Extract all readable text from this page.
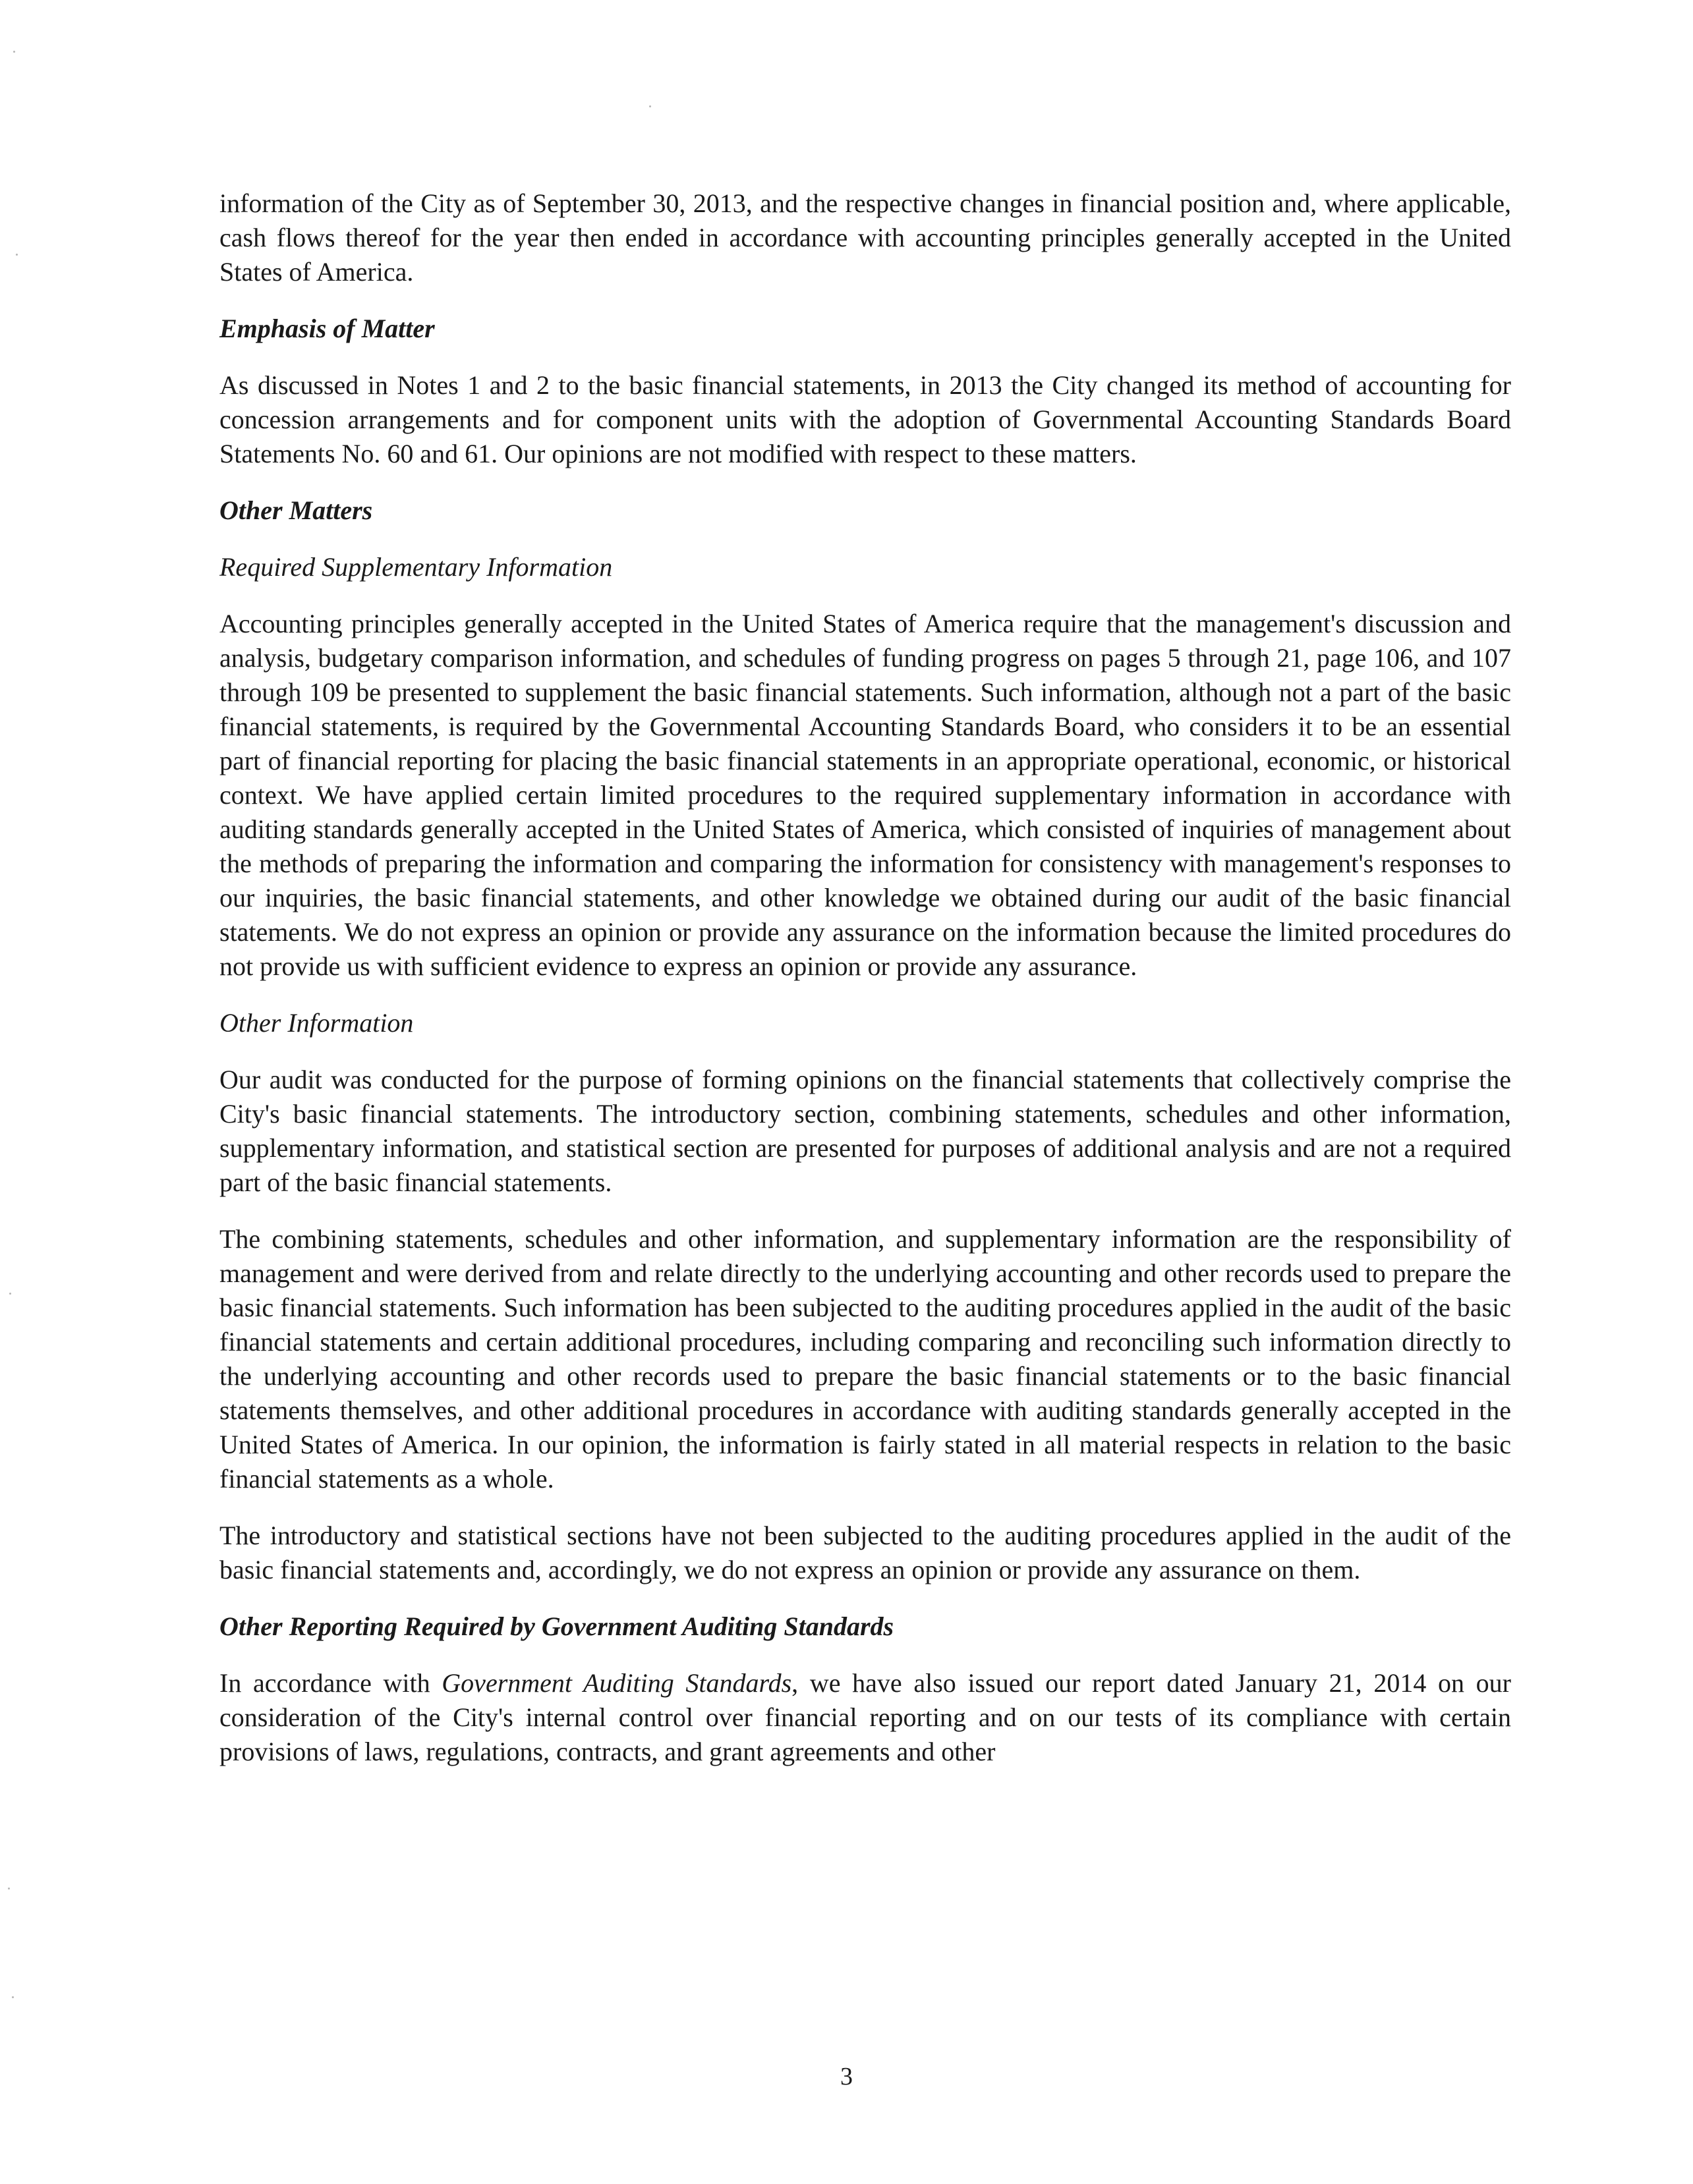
information of the City as of September 30, 2013, and the respective changes in financial position and, where applicable, cash flows thereof for the year then ended in accordance with accounting principles generally accepted in the United States of America.

Emphasis of Matter

As discussed in Notes 1 and 2 to the basic financial statements, in 2013 the City changed its method of accounting for concession arrangements and for component units with the adoption of Governmental Accounting Standards Board Statements No. 60 and 61. Our opinions are not modified with respect to these matters.

Other Matters
Required Supplementary Information

Accounting principles generally accepted in the United States of America require that the management's discussion and analysis, budgetary comparison information, and schedules of funding progress on pages 5 through 21, page 106, and 107 through 109 be presented to supplement the basic financial statements. Such information, although not a part of the basic financial statements, is required by the Governmental Accounting Standards Board, who considers it to be an essential part of financial reporting for placing the basic financial statements in an appropriate operational, economic, or historical context. We have applied certain limited procedures to the required supplementary information in accordance with auditing standards generally accepted in the United States of America, which consisted of inquiries of management about the methods of preparing the information and comparing the information for consistency with management's responses to our inquiries, the basic financial statements, and other knowledge we obtained during our audit of the basic financial statements. We do not express an opinion or provide any assurance on the information because the limited procedures do not provide us with sufficient evidence to express an opinion or provide any assurance.

Other Information

Our audit was conducted for the purpose of forming opinions on the financial statements that collectively comprise the City's basic financial statements. The introductory section, combining statements, schedules and other information, supplementary information, and statistical section are presented for purposes of additional analysis and are not a required part of the basic financial statements.

The combining statements, schedules and other information, and supplementary information are the responsibility of management and were derived from and relate directly to the underlying accounting and other records used to prepare the basic financial statements. Such information has been subjected to the auditing procedures applied in the audit of the basic financial statements and certain additional procedures, including comparing and reconciling such information directly to the underlying accounting and other records used to prepare the basic financial statements or to the basic financial statements themselves, and other additional procedures in accordance with auditing standards generally accepted in the United States of America. In our opinion, the information is fairly stated in all material respects in relation to the basic financial statements as a whole.

The introductory and statistical sections have not been subjected to the auditing procedures applied in the audit of the basic financial statements and, accordingly, we do not express an opinion or provide any assurance on them.

Other Reporting Required by Government Auditing Standards

In accordance with Government Auditing Standards, we have also issued our report dated January 21, 2014 on our consideration of the City's internal control over financial reporting and on our tests of its compliance with certain provisions of laws, regulations, contracts, and grant agreements and other

3
